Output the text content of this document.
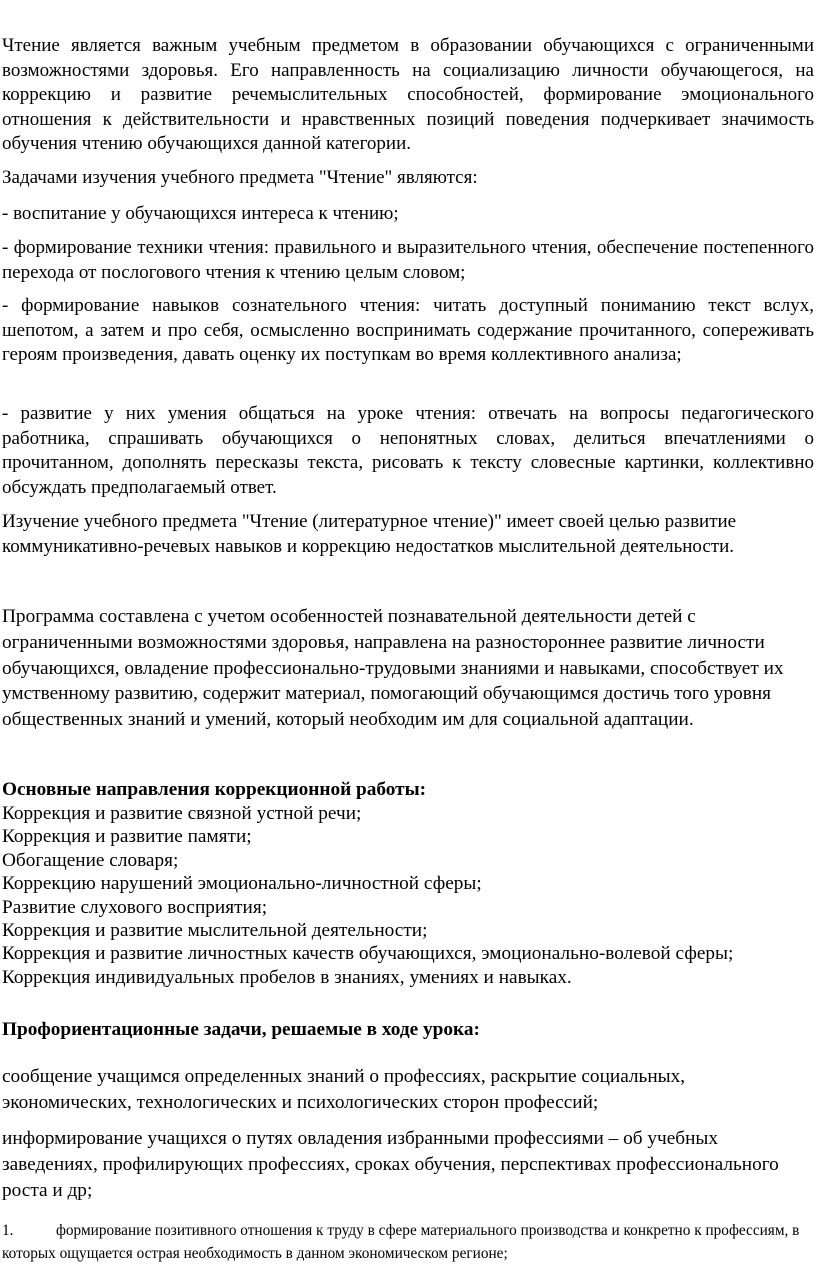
Чтение является важным учебным предметом в образовании обучающихся с ограниченными возможностями здоровья. Его направленность на социализацию личности обучающегося, на коррекцию и развитие речемыслительных способностей, формирование эмоционального отношения к действительности и нравственных позиций поведения подчеркивает значимость обучения чтению обучающихся данной категории.

Задачами изучения учебного предмета "Чтение" являются:

- воспитание у обучающихся интереса к чтению;

- формирование техники чтения: правильного и выразительного чтения, обеспечение постепенного перехода от послогового чтения к чтению целым словом;

- формирование навыков сознательного чтения: читать доступный пониманию текст вслух, шепотом, а затем и про себя, осмысленно воспринимать содержание прочитанного, сопереживать героям произведения, давать оценку их поступкам во время коллективного анализа;

- развитие у них умения общаться на уроке чтения: отвечать на вопросы педагогического работника, спрашивать обучающихся о непонятных словах, делиться впечатлениями о прочитанном, дополнять пересказы текста, рисовать к тексту словесные картинки, коллективно обсуждать предполагаемый ответ.

Изучение учебного предмета "Чтение (литературное чтение)" имеет своей целью развитие коммуникативно-речевых навыков и коррекцию недостатков мыслительной деятельности.

Программа составлена с учетом особенностей познавательной деятельности детей с ограниченными возможностями здоровья, направлена на разностороннее развитие личности обучающихся, овладение профессионально-трудовыми знаниями и навыками, способствует их умственному развитию, содержит материал, помогающий обучающимся достичь того уровня общественных знаний и умений, который необходим им для социальной адаптации.

Основные направления коррекционной работы:
Коррекция и развитие связной устной речи;
Коррекция и развитие памяти;
Обогащение словаря;
Коррекцию нарушений эмоционально-личностной сферы;
Развитие слухового восприятия;
Коррекция и развитие мыслительной деятельности;
Коррекция и развитие личностных качеств обучающихся, эмоционально-волевой сферы;
Коррекция индивидуальных пробелов в знаниях, умениях и навыках.
Профориентационные задачи, решаемые в ходе урока:

сообщение учащимся определенных знаний о профессиях, раскрытие социальных, экономических, технологических и психологических сторон профессий;

информирование учащихся о путях овладения избранными профессиями – об учебных заведениях, профилирующих профессиях, сроках обучения, перспективах профессионального роста и др;

1.	формирование позитивного отношения к труду в сфере материального производства и конкретно к профессиям, в которых ощущается острая необходимость в данном экономическом регионе;
